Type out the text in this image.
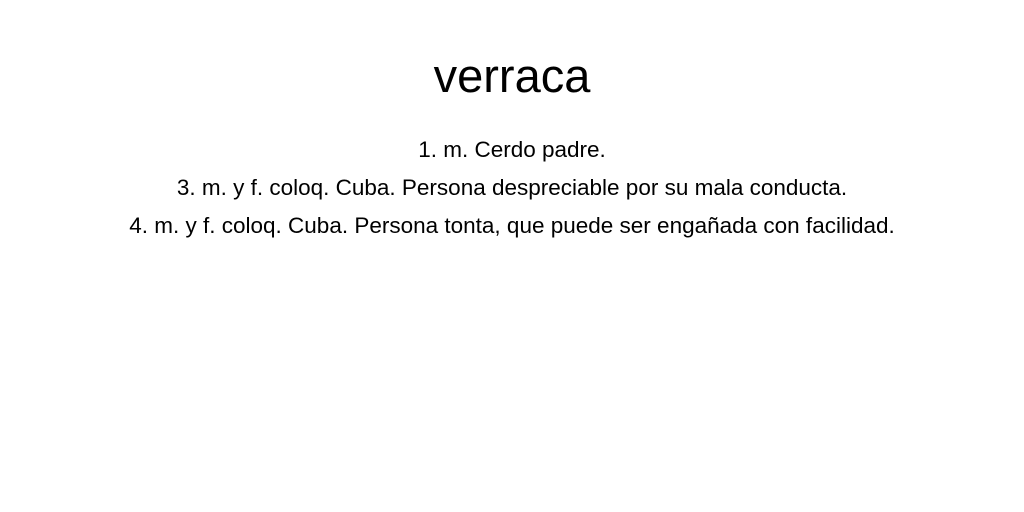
verraca
1. m. Cerdo padre.
3. m. y f. coloq. Cuba. Persona despreciable por su mala conducta.
4. m. y f. coloq. Cuba. Persona tonta, que puede ser engañada con facilidad.
